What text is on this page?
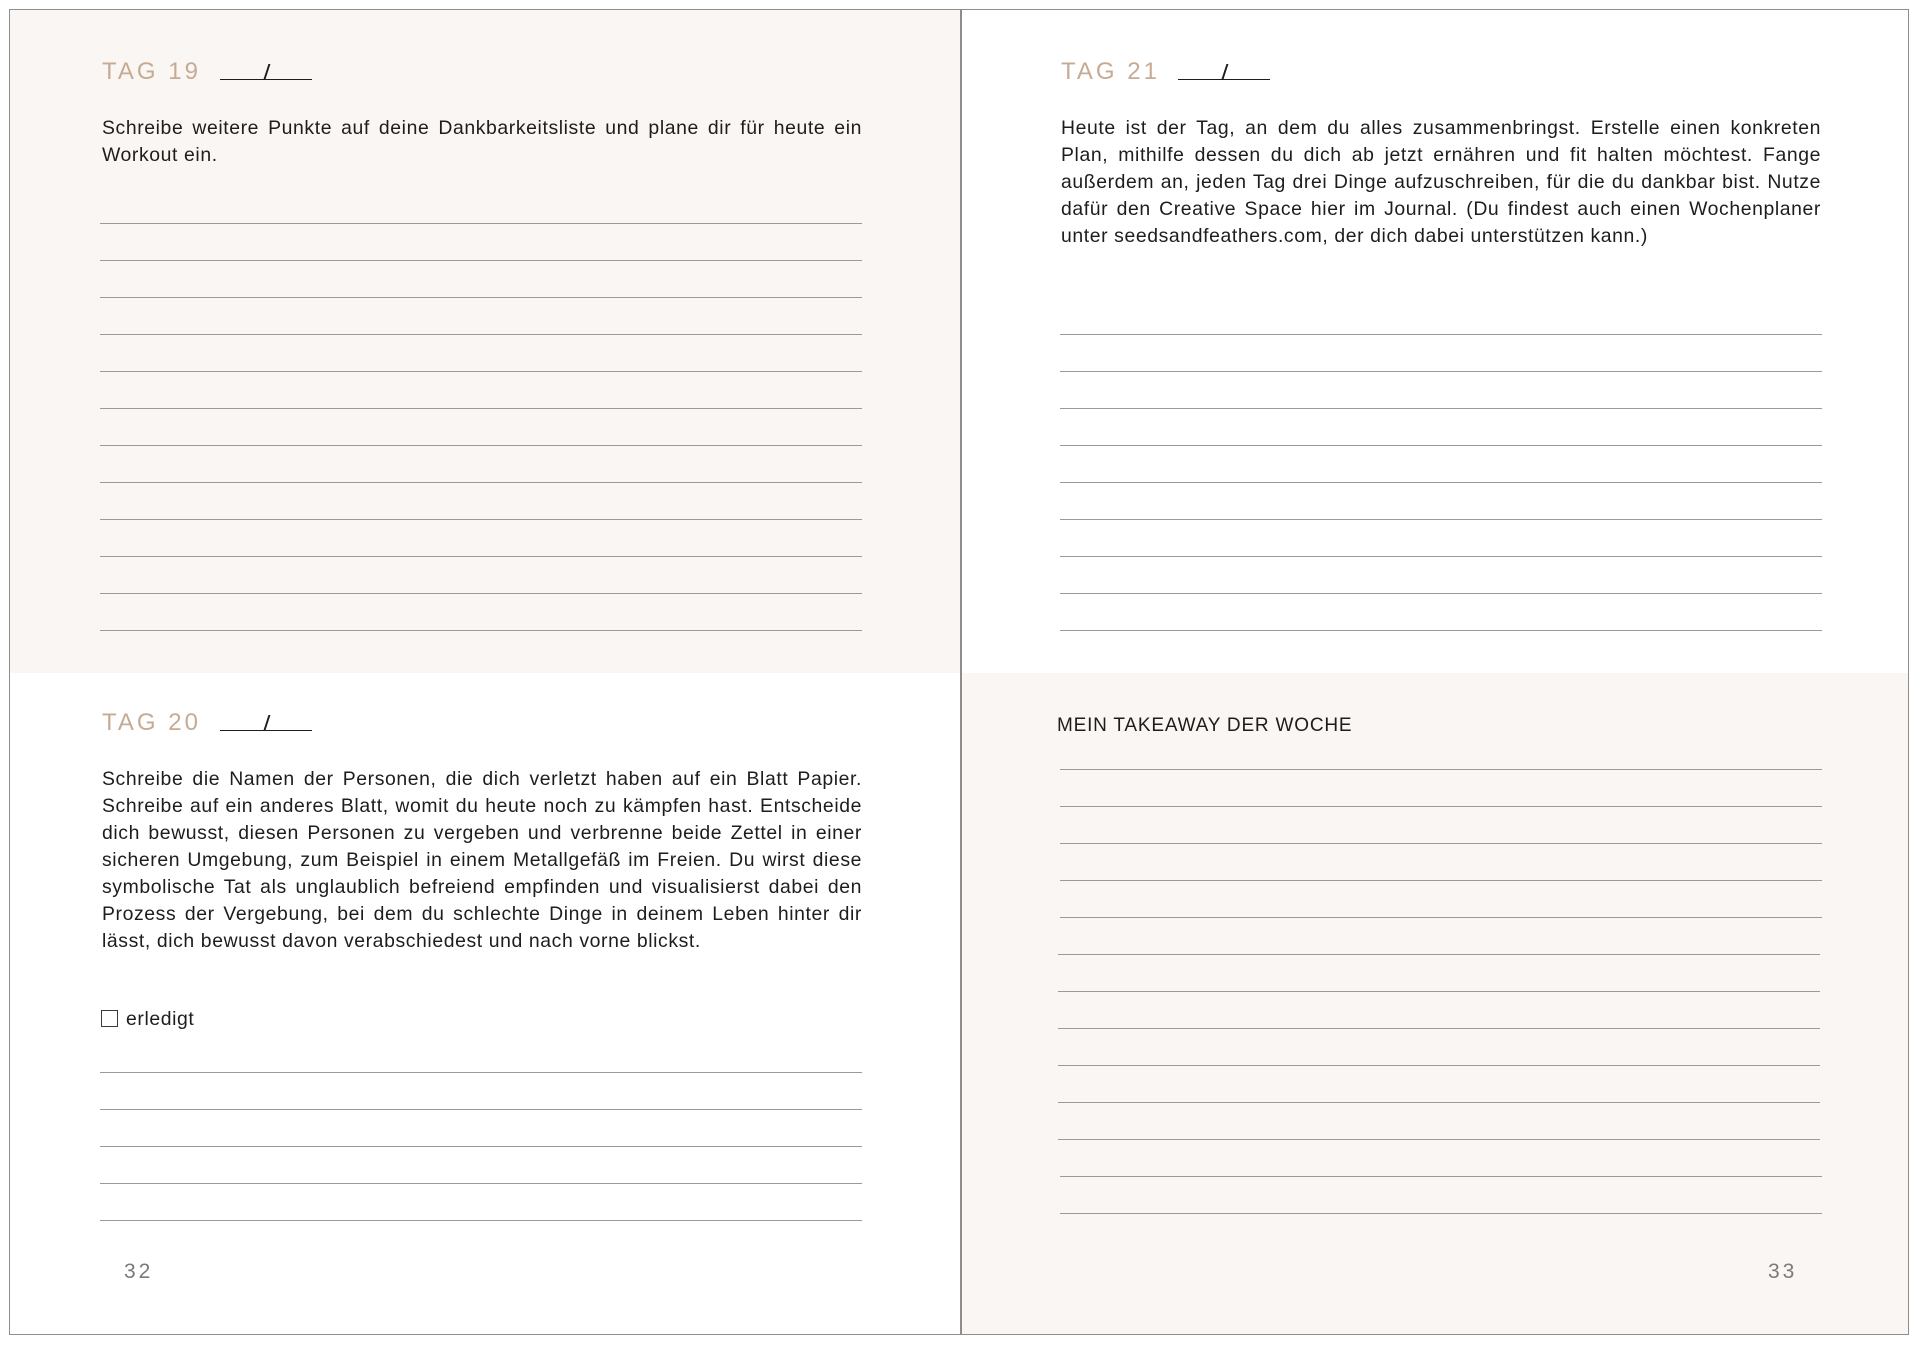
TAG 19

Schreibe weitere Punkte auf deine Dankbarkeitsliste und plane dir für heute ein Workout ein.

TAG 21

Heute ist der Tag, an dem du alles zusammenbringst. Erstelle einen konkreten Plan, mithilfe dessen du dich ab jetzt ernähren und fit halten möchtest. Fange außerdem an, jeden Tag drei Dinge aufzuschreiben, für die du dankbar bist. Nutze dafür den Creative Space hier im Journal. (Du findest auch einen Wochenplaner unter seedsandfeathers.com, der dich dabei unterstützen kann.)

TAG 20

Schreibe die Namen der Personen, die dich verletzt haben auf ein Blatt Papier. Schreibe auf ein anderes Blatt, womit du heute noch zu kämpfen hast. Entscheide dich bewusst, diesen Personen zu vergeben und verbrenne beide Zettel in einer sicheren Umgebung, zum Beispiel in einem Metallgefäß im Freien. Du wirst diese symbolische Tat als unglaublich befreiend empfinden und visualisierst dabei den Prozess der Vergebung, bei dem du schlechte Dinge in deinem Leben hinter dir lässt, dich bewusst davon verabschiedest und nach vorne blickst.

erledigt
MEIN TAKEAWAY DER WOCHE
32	33
